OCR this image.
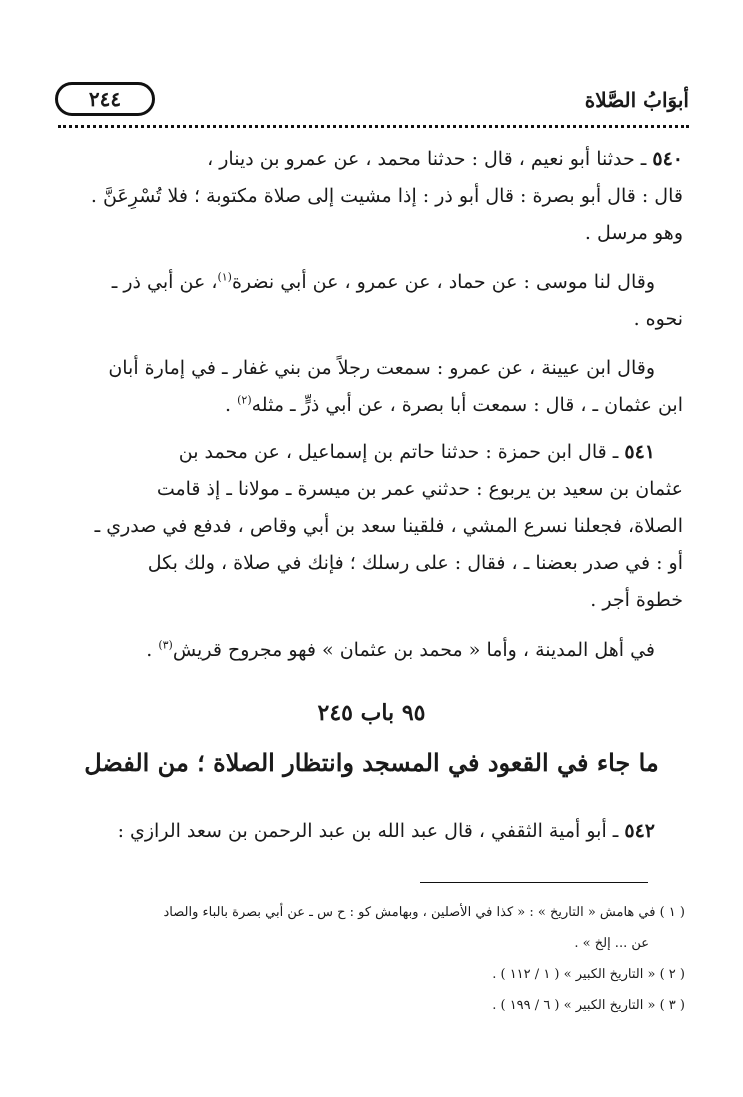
أبوَابُ الصَّلاة
٢٤٤
٥٤٠ ـ حدثنا أبو نعيم ، قال : حدثنا محمد ، عن عمرو بن دينار ،
قال : قال أبو بصرة : قال أبو ذر : إذا مشيت إلى صلاة مكتوبة ؛ فلا تُسْرِعَنَّ .
وهو مرسل .
وقال لنا موسى : عن حماد ، عن عمرو ، عن أبي نضرة$^{(١)}$، عن أبي ذر ـ
نحوه .
وقال ابن عيينة ، عن عمرو : سمعت رجلاً من بني غفار ـ في إمارة أبان
ابن عثمان ـ ، قال : سمعت أبا بصرة ، عن أبي ذرٍّ ـ مثله$^{(٢)}$ .
٥٤١ ـ قال ابن حمزة : حدثنا حاتم بن إسماعيل ، عن محمد بن
عثمان بن سعيد بن يربوع : حدثني عمر بن ميسرة ـ مولانا ـ إذ قامت
الصلاة، فجعلنا نسرع المشي ، فلقينا سعد بن أبي وقاص ، فدفع في صدري ـ
أو : في صدر بعضنا ـ ، فقال : على رسلك ؛ فإنك في صلاة ، ولك بكل
خطوة أجر .
في أهل المدينة ، وأما « محمد بن عثمان » فهو مجروح قريش$^{(٣)}$ .
٩٥ باب ٢٤٥
ما جاء في القعود في المسجد وانتظار الصلاة ؛ من الفضل
٥٤٢ ـ أبو أمية الثقفي ، قال عبد الله بن عبد الرحمن بن سعد الرازي :
( ١ ) في هامش « التاريخ » : « كذا في الأصلين ، وبهامش كو : ح س ـ عن أبي بصرة بالباء والصاد
عن ... إلخ » .
( ٢ ) « التاريخ الكبير » ( ١ / ١١٢ ) .
( ٣ ) « التاريخ الكبير » ( ٦ / ١٩٩ ) .
